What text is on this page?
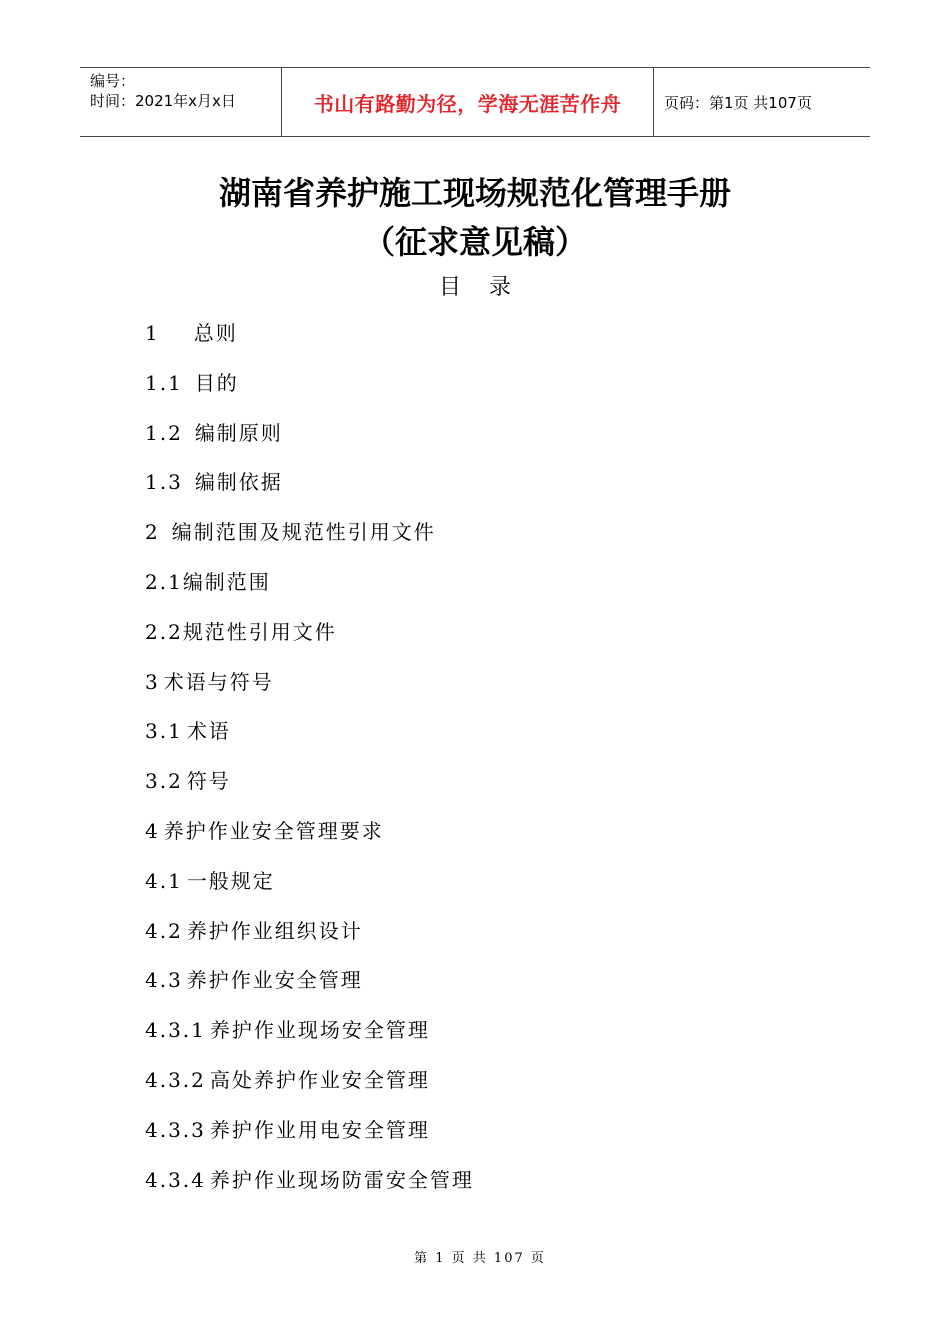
编号：
时间：2021年x月x日	书山有路勤为径，学海无涯苦作舟	页码：第1页 共107页
湖南省养护施工现场规范化管理手册
（征求意见稿）
目录
1 总则
1.1 目的
1.2 编制原则
1.3 编制依据
2 编制范围及规范性引用文件
2.1编制范围
2.2规范性引用文件
3 术语与符号
3.1 术语
3.2 符号
4 养护作业安全管理要求
4.1 一般规定
4.2 养护作业组织设计
4.3 养护作业安全管理
4.3.1 养护作业现场安全管理
4.3.2 高处养护作业安全管理
4.3.3 养护作业用电安全管理
4.3.4 养护作业现场防雷安全管理
第 1 页 共 107 页
